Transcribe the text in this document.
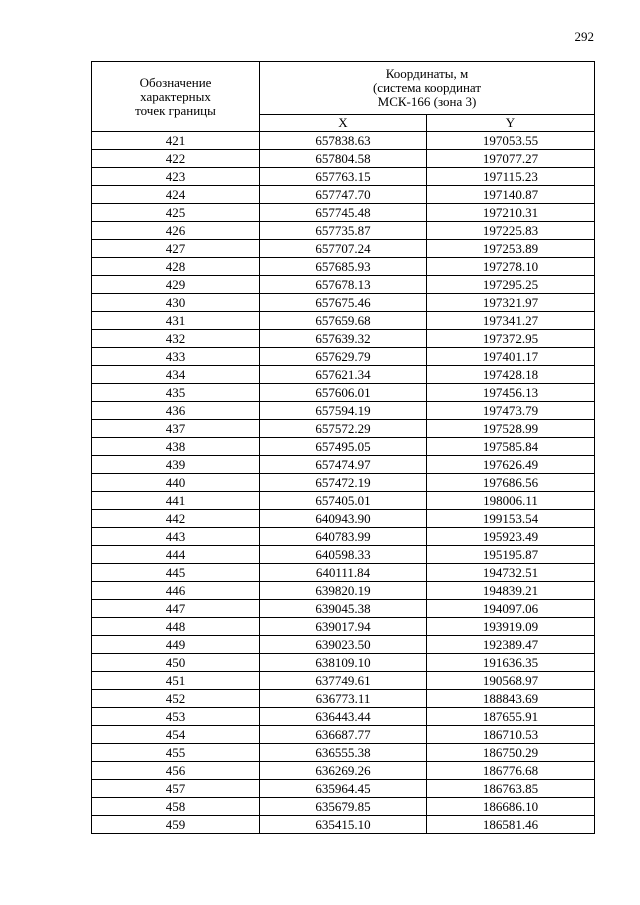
292
Обозначение
характерных
точек границы	Координаты, м
(система координат
МСК-166 (зона 3)	

	X	Y
421	657838.63	197053.55
422	657804.58	197077.27
423	657763.15	197115.23
424	657747.70	197140.87
425	657745.48	197210.31
426	657735.87	197225.83
427	657707.24	197253.89
428	657685.93	197278.10
429	657678.13	197295.25
430	657675.46	197321.97
431	657659.68	197341.27
432	657639.32	197372.95
433	657629.79	197401.17
434	657621.34	197428.18
435	657606.01	197456.13
436	657594.19	197473.79
437	657572.29	197528.99
438	657495.05	197585.84
439	657474.97	197626.49
440	657472.19	197686.56
441	657405.01	198006.11
442	640943.90	199153.54
443	640783.99	195923.49
444	640598.33	195195.87
445	640111.84	194732.51
446	639820.19	194839.21
447	639045.38	194097.06
448	639017.94	193919.09
449	639023.50	192389.47
450	638109.10	191636.35
451	637749.61	190568.97
452	636773.11	188843.69
453	636443.44	187655.91
454	636687.77	186710.53
455	636555.38	186750.29
456	636269.26	186776.68
457	635964.45	186763.85
458	635679.85	186686.10
459	635415.10	186581.46
